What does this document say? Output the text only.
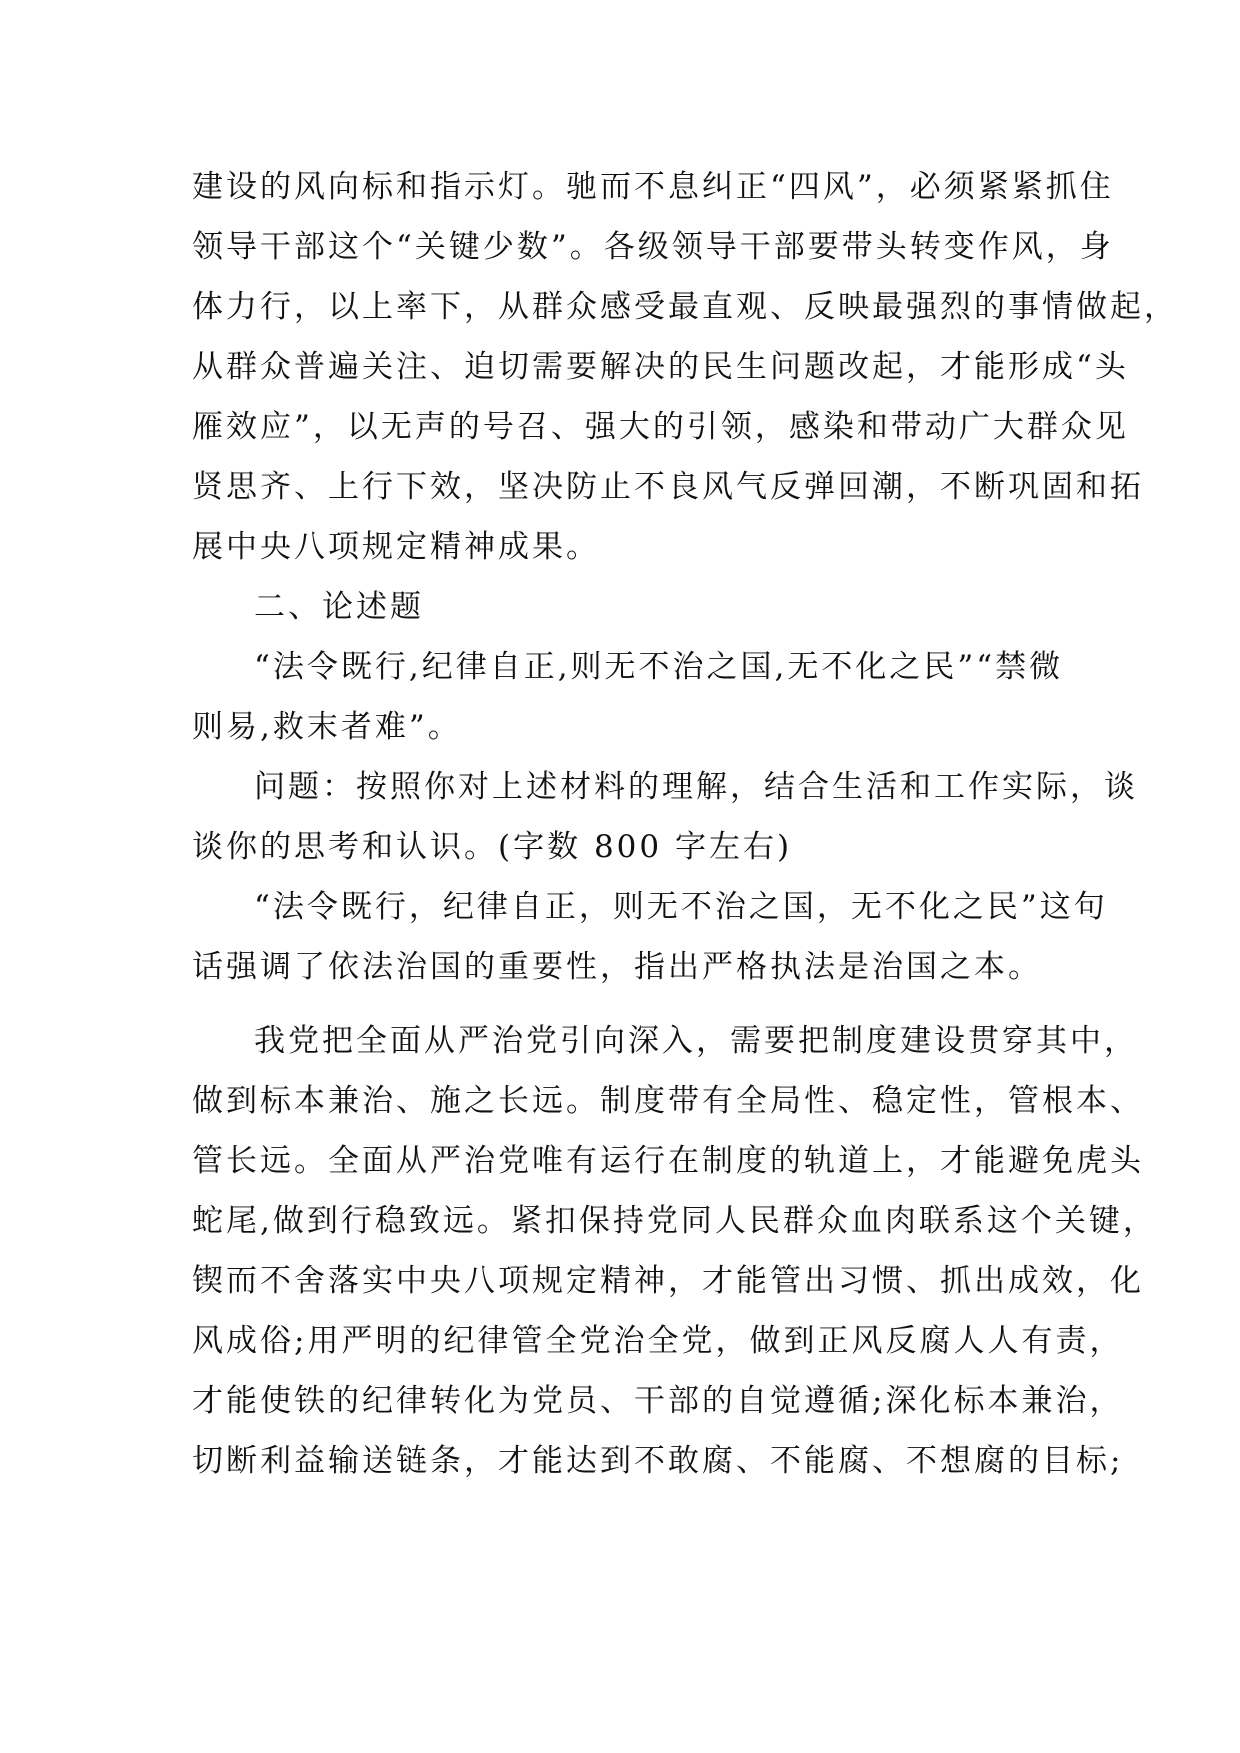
建设的风向标和指示灯。驰而不息纠正“四风”，必须紧紧抓住
领导干部这个“关键少数”。各级领导干部要带头转变作风，身
体力行，以上率下，从群众感受最直观、反映最强烈的事情做起，
从群众普遍关注、迫切需要解决的民生问题改起，才能形成“头
雁效应”，以无声的号召、强大的引领，感染和带动广大群众见
贤思齐、上行下效，坚决防止不良风气反弹回潮，不断巩固和拓
展中央八项规定精神成果。
二、论述题
“法令既行,纪律自正,则无不治之国,无不化之民”“禁微
则易,救末者难”。
问题：按照你对上述材料的理解，结合生活和工作实际，谈
谈你的思考和认识。(字数 800 字左右)
“法令既行，纪律自正，则无不治之国，无不化之民”这句
话强调了依法治国的重要性，指出严格执法是治国之本。
我党把全面从严治党引向深入，需要把制度建设贯穿其中，
做到标本兼治、施之长远。制度带有全局性、稳定性，管根本、
管长远。全面从严治党唯有运行在制度的轨道上，才能避免虎头
蛇尾,做到行稳致远。紧扣保持党同人民群众血肉联系这个关键，
锲而不舍落实中央八项规定精神，才能管出习惯、抓出成效，化
风成俗;用严明的纪律管全党治全党，做到正风反腐人人有责，
才能使铁的纪律转化为党员、干部的自觉遵循;深化标本兼治，
切断利益输送链条，才能达到不敢腐、不能腐、不想腐的目标;
